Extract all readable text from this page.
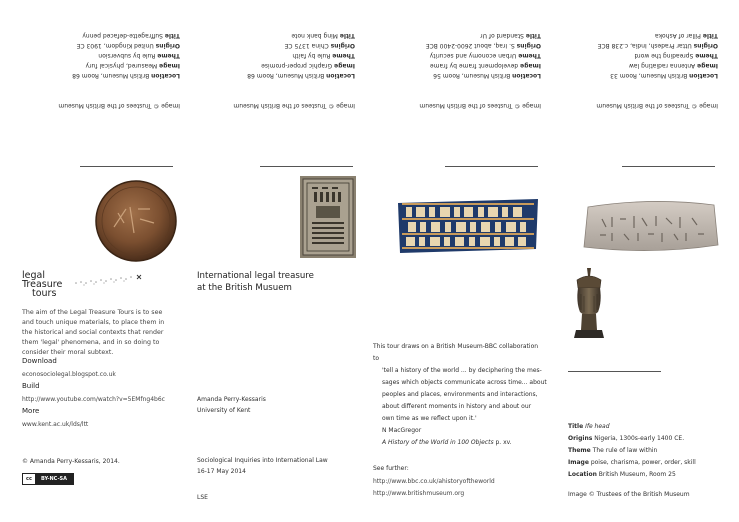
Image © Trustees of the British Museum
Location British Museum, Room 68
Image Measured, physical fury
Theme Rule by subversion
Origins United Kingdom, 1903 CE
Title Suffragette-defaced penny
Image © Trustees of the British Museum
Location British Museum, Room 68
Image Graphic proper-promise
Theme Rule by faith
Origins China 1375 CE
Title Ming bank note
Image © Trustees of the British Museum
Location British Museum, Room 56
Image development frame by frame
Theme Urban economy and security
Origins S. Iraq, about 2600-2400 BCE
Title Standard of Ur
Image © Trustees of the British Museum
Location British Museum, Room 33
Image Antenna radiating law
Theme Spreading the word
Origins Uttar Pradesh, India, c.238 BCE
Title Pillar of Ashoka
legal
Treasure
tours
The aim of the Legal Treasure Tours is to see and touch unique materials, to place them in the historical and social contexts that render them 'legal' phenomena, and in so doing to consider their moral subtext.
Download
econosociolegal.blogspot.co.uk
Build
http://www.youtube.com/watch?v=5EMfng4b6c
More
www.kent.ac.uk/lds/ltt
© Amanda Perry-Kessaris, 2014.
cc	BY-NC-SA
International legal treasure
at the British Musuem
Amanda Perry-Kessaris
University of Kent
Sociological Inquiries into International Law
16-17 May 2014
LSE
This tour draws on a British Museum-BBC collaboration to
'tell a history of the world ... by deciphering the mes-
sages which objects communicate across time... about
peoples and places, environments and interactions,
about different moments in history and about our
own time as we reflect upon it.'
N MacGregor
A History of the World in 100 Objects p. xv.
See further:
http://www.bbc.co.uk/ahistoryoftheworld
http://www.britishmuseum.org
Title Ife head
Origins Nigeria, 1300s-early 1400 CE.
Theme The rule of law within
Image poise, charisma, power, order, skill
Location British Museum, Room 25
Image © Trustees of the British Museum
